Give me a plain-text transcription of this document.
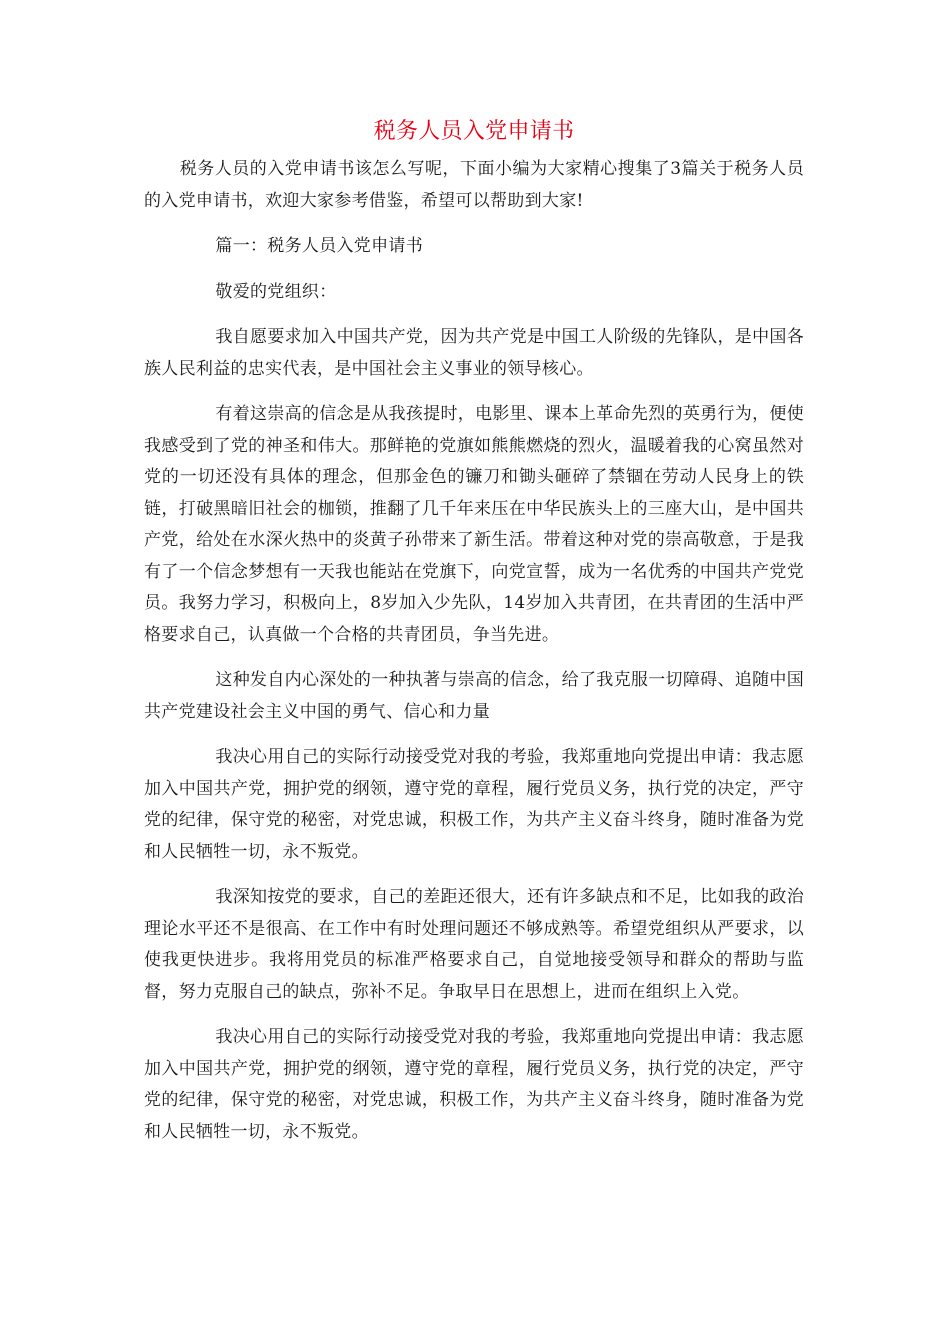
税务人员入党申请书

税务人员的入党申请书该怎么写呢，下面小编为大家精心搜集了3篇关于税务人员的入党申请书，欢迎大家参考借鉴，希望可以帮助到大家!

篇一：税务人员入党申请书

敬爱的党组织：

我自愿要求加入中国共产党，因为共产党是中国工人阶级的先锋队，是中国各族人民利益的忠实代表，是中国社会主义事业的领导核心。

有着这崇高的信念是从我孩提时，电影里、课本上革命先烈的英勇行为，便使我感受到了党的神圣和伟大。那鲜艳的党旗如熊熊燃烧的烈火，温暖着我的心窝虽然对党的一切还没有具体的理念，但那金色的镰刀和锄头砸碎了禁锢在劳动人民身上的铁链，打破黑暗旧社会的枷锁，推翻了几千年来压在中华民族头上的三座大山，是中国共产党，给处在水深火热中的炎黄子孙带来了新生活。带着这种对党的崇高敬意，于是我有了一个信念梦想有一天我也能站在党旗下，向党宣誓，成为一名优秀的中国共产党党员。我努力学习，积极向上，8岁加入少先队，14岁加入共青团，在共青团的生活中严格要求自己，认真做一个合格的共青团员，争当先进。

这种发自内心深处的一种执著与崇高的信念，给了我克服一切障碍、追随中国共产党建设社会主义中国的勇气、信心和力量

我决心用自己的实际行动接受党对我的考验，我郑重地向党提出申请：我志愿加入中国共产党，拥护党的纲领，遵守党的章程，履行党员义务，执行党的决定，严守党的纪律，保守党的秘密，对党忠诚，积极工作，为共产主义奋斗终身，随时准备为党和人民牺牲一切，永不叛党。

我深知按党的要求，自己的差距还很大，还有许多缺点和不足，比如我的政治理论水平还不是很高、在工作中有时处理问题还不够成熟等。希望党组织从严要求，以使我更快进步。我将用党员的标准严格要求自己，自觉地接受领导和群众的帮助与监督，努力克服自己的缺点，弥补不足。争取早日在思想上，进而在组织上入党。

我决心用自己的实际行动接受党对我的考验，我郑重地向党提出申请：我志愿加入中国共产党，拥护党的纲领，遵守党的章程，履行党员义务，执行党的决定，严守党的纪律，保守党的秘密，对党忠诚，积极工作，为共产主义奋斗终身，随时准备为党和人民牺牲一切，永不叛党。
